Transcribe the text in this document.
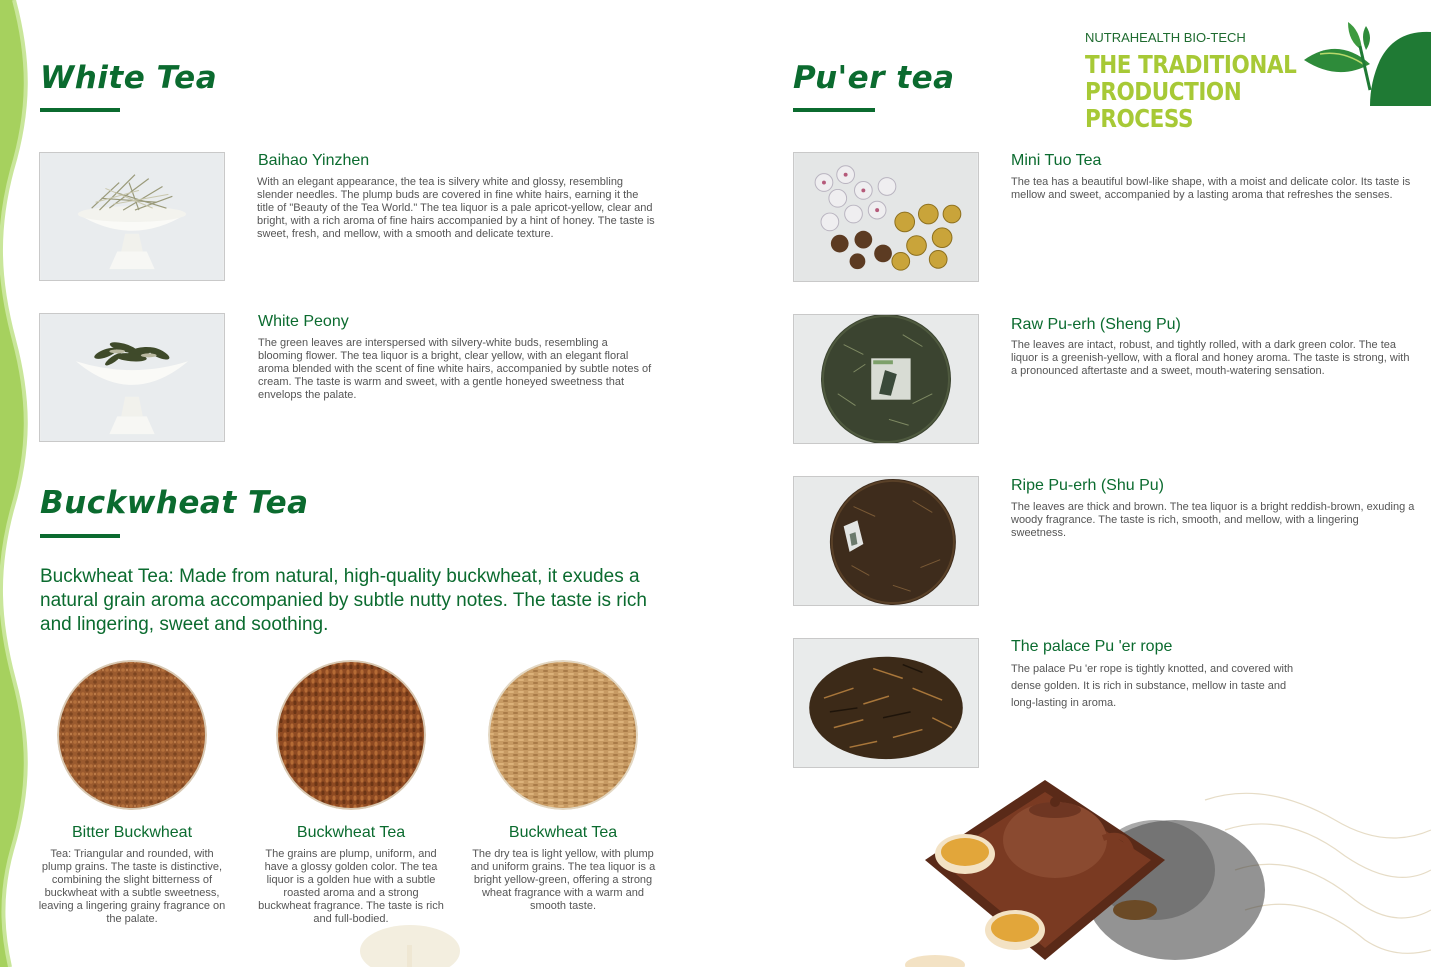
White Tea
Baihao Yinzhen
With an elegant appearance, the tea is silvery white and glossy, resembling slender needles. The plump buds are covered in fine white hairs, earning it the title of "Beauty of the Tea World." The tea liquor is a pale apricot-yellow, clear and bright, with a rich aroma of fine hairs accompanied by a hint of honey. The taste is sweet, fresh, and mellow, with a smooth and delicate texture.
White Peony
The green leaves are interspersed with silvery-white buds, resembling a blooming flower. The tea liquor is a bright, clear yellow, with an elegant floral aroma blended with the scent of fine white hairs, accompanied by subtle notes of cream. The taste is warm and sweet, with a gentle honeyed sweetness that envelops the palate.
Buckwheat Tea
Buckwheat Tea: Made from natural, high-quality buckwheat, it exudes a natural grain aroma accompanied by subtle nutty notes. The taste is rich and lingering, sweet and soothing.
Bitter Buckwheat
Tea: Triangular and rounded, with plump grains. The taste is distinctive, combining the slight bitterness of buckwheat with a subtle sweetness, leaving a lingering grainy fragrance on the palate.
Buckwheat Tea
The grains are plump, uniform, and have a glossy golden color. The tea liquor is a golden hue with a subtle roasted aroma and a strong buckwheat fragrance. The taste is rich and full-bodied.
Buckwheat Tea
The dry tea is light yellow, with plump and uniform grains. The tea liquor is a bright yellow-green, offering a strong wheat fragrance with a warm and smooth taste.
Pu'er tea
NUTRAHEALTH BIO-TECH
THE TRADITIONAL
PRODUCTION PROCESS
Mini Tuo Tea
The tea has a beautiful bowl-like shape, with a moist and delicate color. Its taste is mellow and sweet, accompanied by a lasting aroma that refreshes the senses.
Raw Pu-erh (Sheng Pu)
The leaves are intact, robust, and tightly rolled, with a dark green color. The tea liquor is a greenish-yellow, with a floral and honey aroma. The taste is strong, with a pronounced aftertaste and a sweet, mouth-watering sensation.
Ripe Pu-erh (Shu Pu)
The leaves are thick and brown. The tea liquor is a bright reddish-brown, exuding a woody fragrance. The taste is rich, smooth, and mellow, with a lingering sweetness.
The palace Pu 'er rope
The palace Pu 'er rope is tightly knotted, and covered with dense golden. It is rich in substance, mellow in taste and long-lasting in aroma.
